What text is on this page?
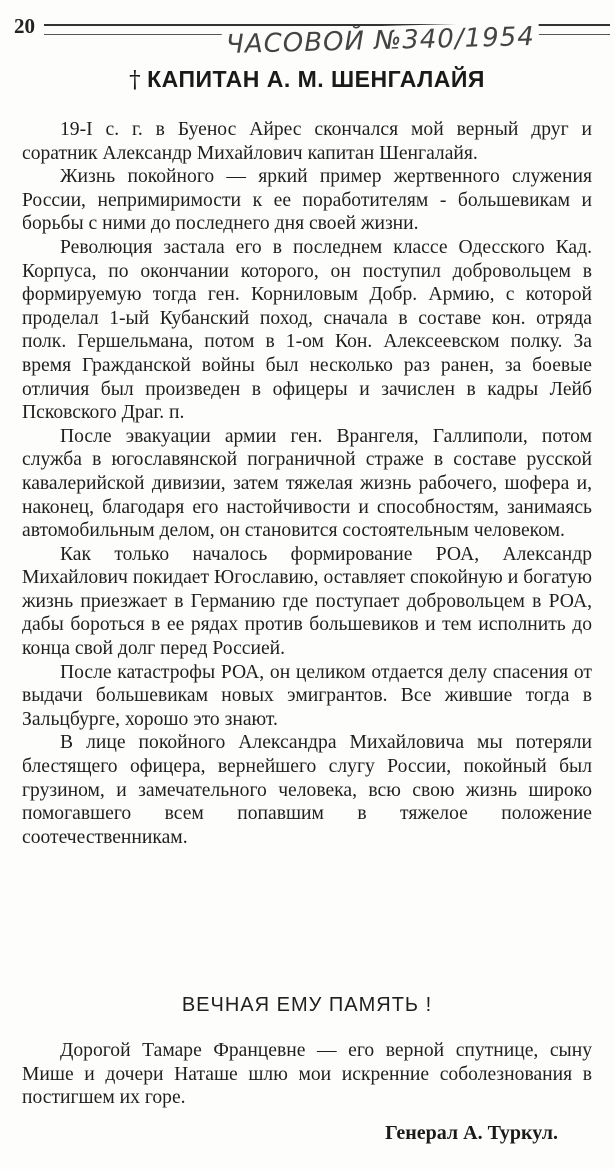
20	ЧАСОВОЙ №340/1954
† КАПИТАН А. М. ШЕНГАЛАЙЯ

19-I с. г. в Буенос Айрес скончался мой верный друг и соратник Александр Михайлович капитан Шенгалайя.

Жизнь покойного — яркий пример жертвенного служения России, непримиримости к ее поработителям - большевикам и борьбы с ними до последнего дня своей жизни.

Революция застала его в последнем классе Одесского Кад. Корпуса, по окончании которого, он поступил добровольцем в формируемую тогда ген. Корниловым Добр. Армию, с которой проделал 1-ый Кубанский поход, сначала в составе кон. отряда полк. Гершельмана, потом в 1-ом Кон. Алексеевском полку. За время Гражданской войны был несколько раз ранен, за боевые отличия был произведен в офицеры и зачислен в кадры Лейб Псковского Драг. п.

После эвакуации армии ген. Врангеля, Галлиполи, потом служба в югославянской пограничной страже в составе русской кавалерийской дивизии, затем тяжелая жизнь рабочего, шофера и, наконец, благодаря его настойчивости и способностям, занимаясь автомобильным делом, он становится состоятельным человеком.

Как только началось формирование РОА, Александр Михайлович покидает Югославию, оставляет спокойную и богатую жизнь приезжает в Германию где поступает добровольцем в РОА, дабы бороться в ее рядах против большевиков и тем исполнить до конца свой долг перед Россией.

После катастрофы РОА, он целиком отдается делу спасения от выдачи большевикам новых эмигрантов. Все жившие тогда в Зальцбурге, хорошо это знают.

В лице покойного Александра Михайловича мы потеряли блестящего офицера, вернейшего слугу России, покойный был грузином, и замечательного человека, всю свою жизнь широко помогавшего всем попавшим в тяжелое положение соотечественникам.

ВЕЧНАЯ ЕМУ ПАМЯТЬ !

Дорогой Тамаре Францевне — его верной спутнице, сыну Мише и дочери Наташе шлю мои искренние соболезнования в постигшем их горе.

Генерал А. Туркул.
